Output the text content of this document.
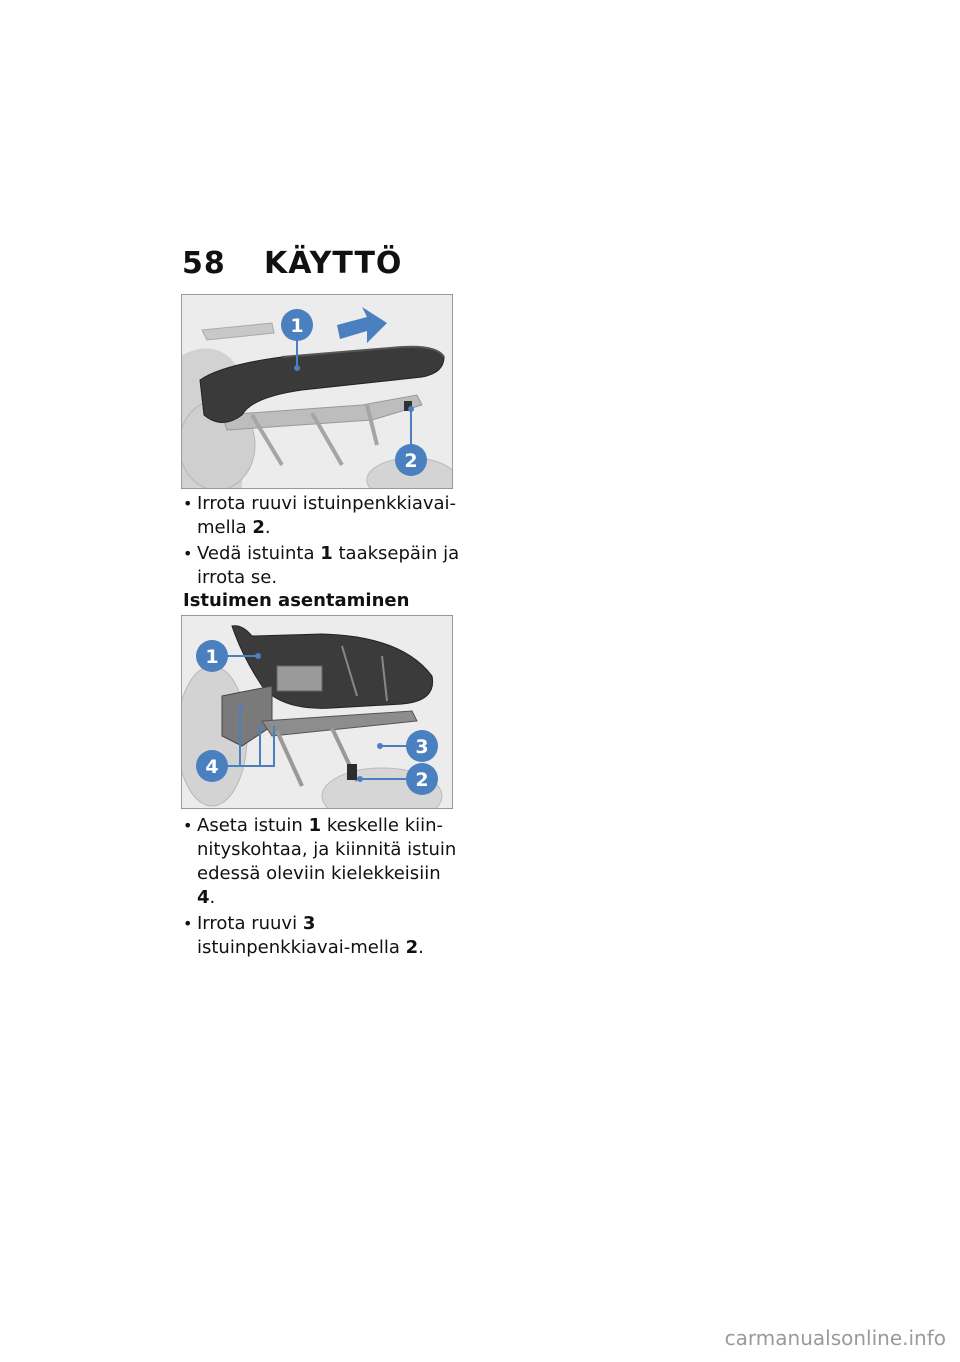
58 KÄYTTÖ
1
2
• Irrota ruuvi istuinpenkkiavai-mella 2.
• Vedä istuinta 1 taaksepäin ja irrota se.
Istuimen asentaminen
1
4
3
2
• Aseta istuin 1 keskelle kiin-nityskohtaa, ja kiinnitä istuin edessä oleviin kielekkeisiin 4.
• Irrota ruuvi 3 istuinpenkkiavai-mella 2.
carmanualsonline.info
